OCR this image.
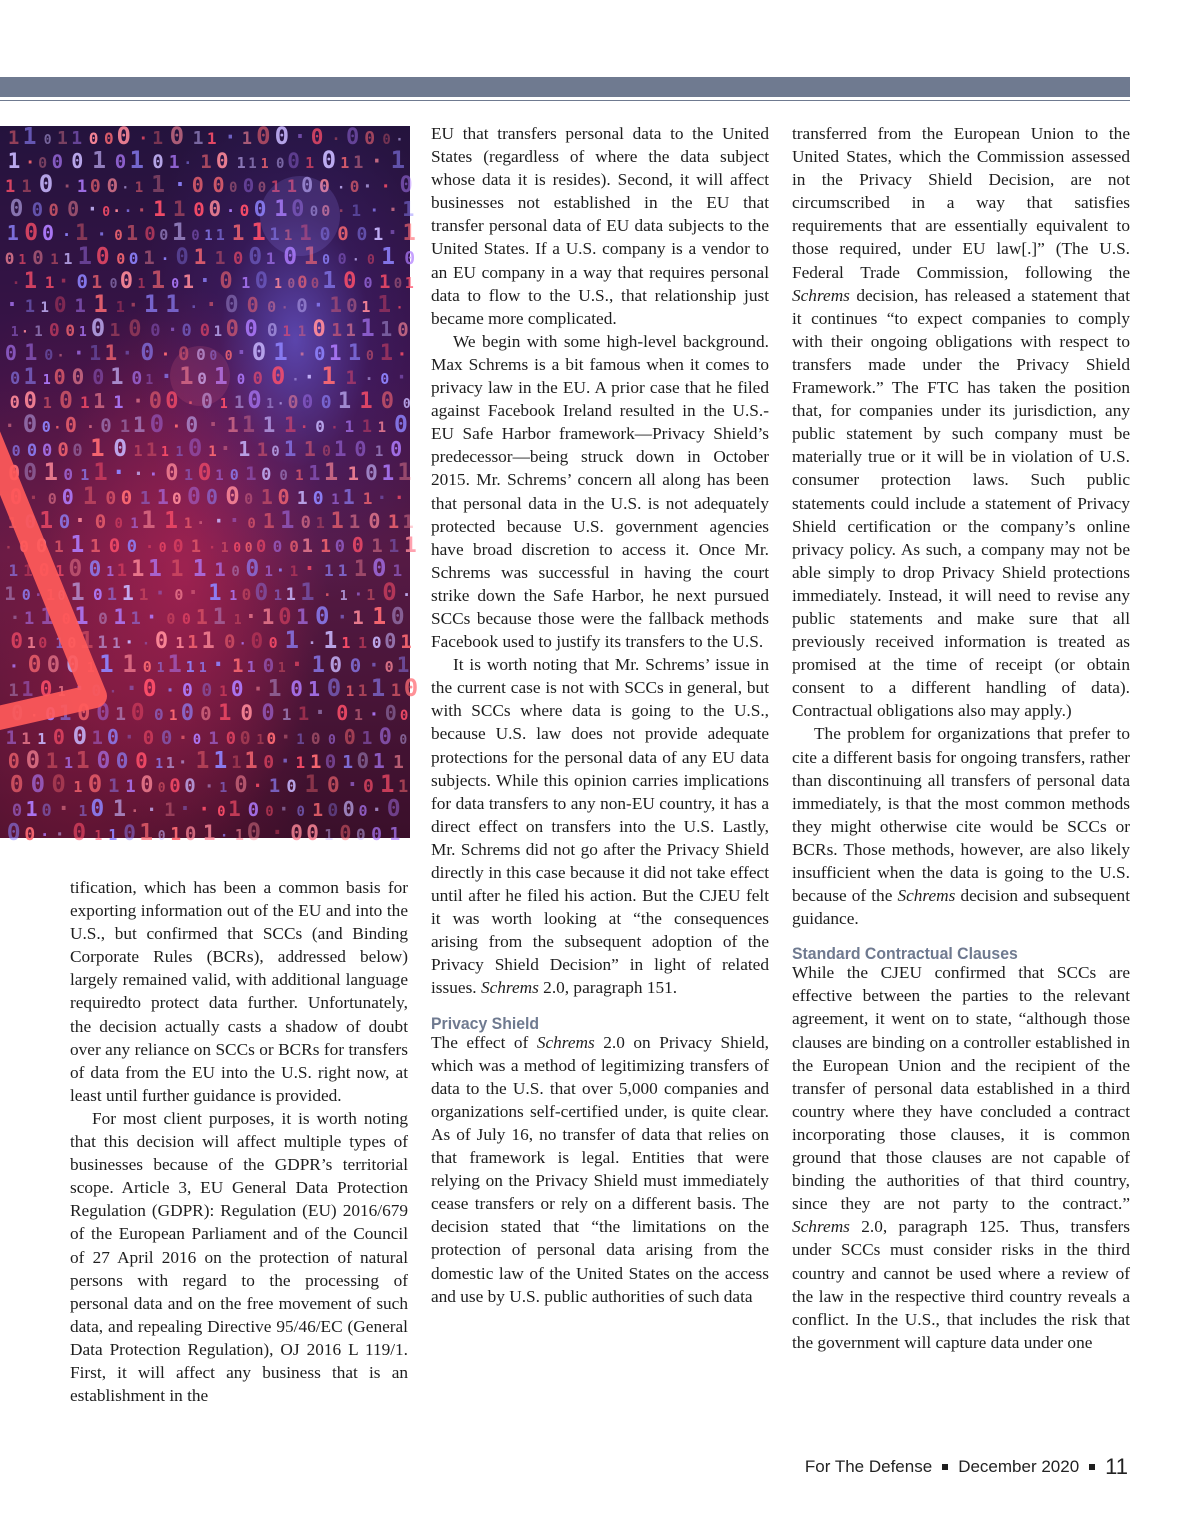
1 1 0 1 1 0 0 0 · 1 0 1 1 · 1 0 0 · 0 · 0 0 0 ·
1 · 0 0 0 1 0 1 0 1 · 1 0 1 1 1 0 0 1 0 1 1 · 1
1 1 0 · 1 0 0 · 1 1 · 0 0 0 0 0 1 1 0 0 · 0 · · 0
0 0 0 0 · 0 · · · 1 1 0 0 · 0 0 1 0 0 0 · 1 · · 1
1 0 0 · 1 · 0 1 0 0 1 0 1 1 1 1 1 1 1 0 0 0 1 · 1
0 1 0 1 1 1 0 0 0 1 · 0 1 1 0 0 1 0 1 0 0 · 0 1 0
· 1 1 · 0 1 0 0 1 1 0 1 · 0 1 0 1 0 0 0 1 0 0 1 0 1
· 1 1 0 1 1 1 · 1 1 · · 0 0 0 · 0 · 1 0 1 1 ·
1 · 1 0 0 1 0 1 0 0 · 0 0 1 0 0 0 1 1 0 1 1 1 1 0
0 1 0 · · 1 1 · 0 · 0 0 0 0 · 0 1 · 0 1 1 0 1 ·
0 1 1 0 0 0 1 0 1 · 1 0 1 0 0 0 · · 1 1 · 0 ·
0 0 1 0 1 1 1 · 0 0 · 0 1 1 0 1 · 0 0 0 1 1 0 0
· 0 0 · 0 · 0 1 1 0 · 0 · 1 1 1 1 · 0 · 1 1 1 0
0 0 0 0 0 1 0 1 1 1 1 0 1 · 1 1 0 1 1 0 1 0 1 0
0 0 1 0 1 1 · · · 0 1 0 1 0 1 0 0 1 1 1 1 0 1 1
0 · 0 0 1 0 0 1 1 0 0 0 0 0 1 0 1 0 1 1 1 · ·
1 0 1 0 · 0 0 1 1 1 1 · · · 0 1 1 0 1 1 1 0 1 1
· 0 0 1 1 1 0 0 · 0 0 1 · 1 0 0 0 0 0 1 1 0 0 1 1 1
1 1 0 1 0 0 1 1 1 1 1 1 1 0 0 1 · 1 · 1 1 1 0 1
1 0 · 1 0 1 0 1 1 1 · 0 · 1 1 0 0 1 1 1 · 1 · 1 0 ·
· 1 1 0 1 0 1 1 · 0 0 1 1 1 · 1 0 1 0 · 1 1 0
0 1 0 1 0 1 1 1 · · 0 1 1 1 0 · 0 0 1 · 1 1 1 0 0 1
· 0 0 0 1 1 1 0 1 1 1 1 · 1 1 0 1 · 1 0 0 · 0 1
1 1 0 1 · 0 · · 0 · 0 0 1 0 · 1 0 1 0 1 1 1 1 0
0 · 0 1 0 0 1 0 0 1 0 0 1 0 0 1 1 · 0 1 · 0 0
1 1 1 0 0 1 0 · 0 0 · 0 1 0 0 1 0 · 1 0 0 0 1 0 0
0 0 1 1 1 0 0 0 1 1 · 1 1 1 1 0 · 1 1 0 1 0 1 1
0 0 0 1 0 1 1 0 0 0 0 · 1 0 · 1 0 1 0 · 0 1 1
0 1 0 · 1 0 1 · · 1 · · 0 1 0 0 · 0 1 0 0 0 · 0
0 0 · · 0 1 1 0 1 0 1 0 1 · 1 0 · 0 0 1 0 0 0 1

tification, which has been a common basis for exporting information out of the EU and into the U.S., but confirmed that SCCs (and Binding Corporate Rules (BCRs), addressed below) largely remained valid, with additional language requiredto protect data further. Unfortunately, the decision actually casts a shadow of doubt over any reliance on SCCs or BCRs for transfers of data from the EU into the U.S. right now, at least until further guidance is provided.

For most client purposes, it is worth noting that this decision will affect multiple types of businesses because of the GDPR’s territorial scope. Article 3, EU General Data Protection Regulation (GDPR): Regulation (EU) 2016/679 of the European Parliament and of the Council of 27 April 2016 on the protection of natural persons with regard to the processing of personal data and on the free movement of such data, and repealing Directive 95/46/EC (General Data Protection Regulation), OJ 2016 L 119/1. First, it will affect any business that is an establishment in the

EU that transfers personal data to the United States (regardless of where the data subject whose data it is resides). Second, it will affect businesses not established in the EU that transfer personal data of EU data subjects to the United States. If a U.S. company is a vendor to an EU company in a way that requires personal data to flow to the U.S., that relationship just became more complicated.

We begin with some high-level background. Max Schrems is a bit famous when it comes to privacy law in the EU. A prior case that he filed against Facebook Ireland resulted in the U.S.-EU Safe Harbor framework—Privacy Shield’s predecessor—being struck down in October 2015. Mr. Schrems’ concern all along has been that personal data in the U.S. is not adequately protected because U.S. government agencies have broad discretion to access it. Once Mr. Schrems was successful in having the court strike down the Safe Harbor, he next pursued SCCs because those were the fallback methods Facebook used to justify its transfers to the U.S.

It is worth noting that Mr. Schrems’ issue in the current case is not with SCCs in general, but with SCCs where data is going to the U.S., because U.S. law does not provide adequate protections for the personal data of any EU data subjects. While this opinion carries implications for data transfers to any non-EU country, it has a direct effect on transfers into the U.S. Lastly, Mr. Schrems did not go after the Privacy Shield directly in this case because it did not take effect until after he filed his action. But the CJEU felt it was worth looking at “the consequences arising from the subsequent adoption of the Privacy Shield Decision” in light of related issues. Schrems 2.0, paragraph 151.

Privacy Shield

The effect of Schrems 2.0 on Privacy Shield, which was a method of legitimizing transfers of data to the U.S. that over 5,000 companies and organizations self-certified under, is quite clear. As of July 16, no transfer of data that relies on that framework is legal. Entities that were relying on the Privacy Shield must immediately cease transfers or rely on a different basis. The decision stated that “the limitations on the protection of personal data arising from the domestic law of the United States on the access and use by U.S. public authorities of such data

transferred from the European Union to the United States, which the Commission assessed in the Privacy Shield Decision, are not circumscribed in a way that satisfies requirements that are essentially equivalent to those required, under EU law[.]” (The U.S. Federal Trade Commission, following the Schrems decision, has released a statement that it continues “to expect companies to comply with their ongoing obligations with respect to transfers made under the Privacy Shield Framework.” The FTC has taken the position that, for companies under its jurisdiction, any public statement by such company must be materially true or it will be in violation of U.S. consumer protection laws. Such public statements could include a statement of Privacy Shield certification or the company’s online privacy policy. As such, a company may not be able simply to drop Privacy Shield protections immediately. Instead, it will need to revise any public statements and make sure that all previously received information is treated as promised at the time of receipt (or obtain consent to a different handling of data). Contractual obligations also may apply.)

The problem for organizations that prefer to cite a different basis for ongoing transfers, rather than discontinuing all transfers of personal data immediately, is that the most common methods they might otherwise cite would be SCCs or BCRs. Those methods, however, are also likely insufficient when the data is going to the U.S. because of the Schrems decision and subsequent guidance.

Standard Contractual Clauses

While the CJEU confirmed that SCCs are effective between the parties to the relevant agreement, it went on to state, “although those clauses are binding on a controller established in the European Union and the recipient of the transfer of personal data established in a third country where they have concluded a contract incorporating those clauses, it is common ground that those clauses are not capable of binding the authorities of that third country, since they are not party to the contract.” Schrems 2.0, paragraph 125. Thus, transfers under SCCs must consider risks in the third country and cannot be used where a review of the law in the respective third country reveals a conflict. In the U.S., that includes the risk that the government will capture data under one

For The Defense December 2020 11
